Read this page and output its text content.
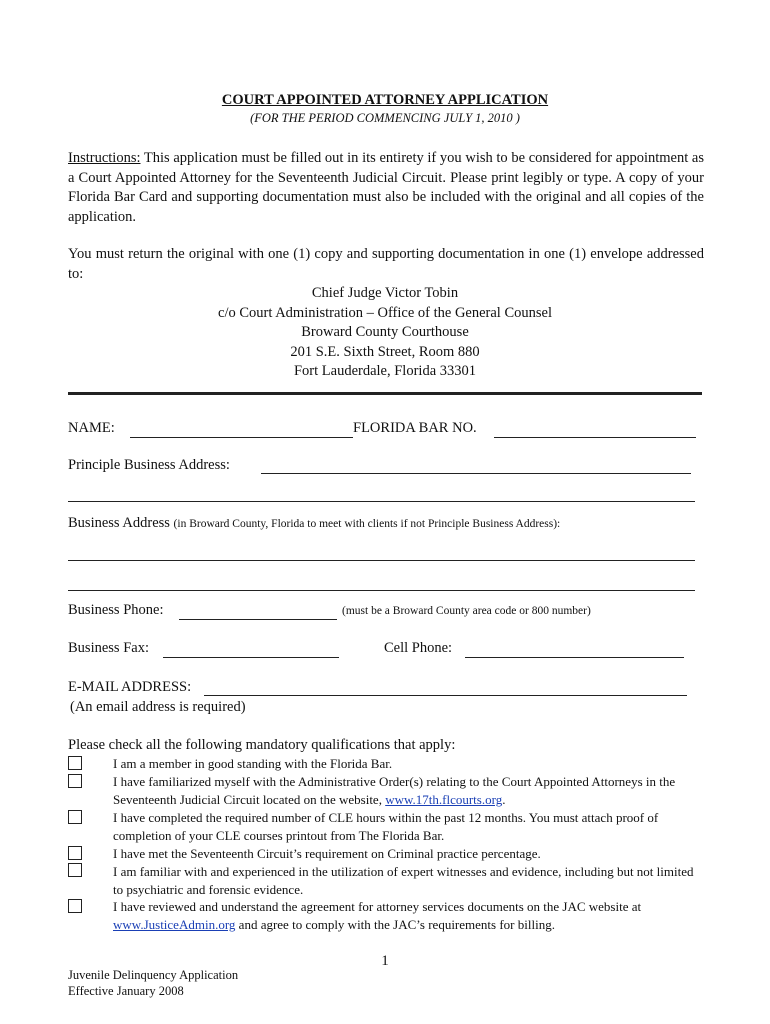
COURT APPOINTED ATTORNEY APPLICATION
(FOR THE PERIOD COMMENCING JULY 1, 2010 )
Instructions: This application must be filled out in its entirety if you wish to be considered for appointment as a Court Appointed Attorney for the Seventeenth Judicial Circuit. Please print legibly or type. A copy of your Florida Bar Card and supporting documentation must also be included with the original and all copies of the application.
You must return the original with one (1) copy and supporting documentation in one (1) envelope addressed to:
Chief Judge Victor Tobin
c/o Court Administration – Office of the General Counsel
Broward County Courthouse
201 S.E. Sixth Street, Room 880
Fort Lauderdale, Florida 33301
NAME:	FLORIDA BAR NO.
Principle Business Address:
Business Address (in Broward County, Florida to meet with clients if not Principle Business Address):
Business Phone:	(must be a Broward County area code or 800 number)
Business Fax:	Cell Phone:
E-MAIL ADDRESS:
(An email address is required)
Please check all the following mandatory qualifications that apply:
I am a member in good standing with the Florida Bar.
I have familiarized myself with the Administrative Order(s) relating to the Court Appointed Attorneys in the Seventeenth Judicial Circuit located on the website, www.17th.flcourts.org.
I have completed the required number of CLE hours within the past 12 months. You must attach proof of completion of your CLE courses printout from The Florida Bar.
I have met the Seventeenth Circuit’s requirement on Criminal practice percentage.
I am familiar with and experienced in the utilization of expert witnesses and evidence, including but not limited to psychiatric and forensic evidence.
I have reviewed and understand the agreement for attorney services documents on the JAC website at www.JusticeAdmin.org and agree to comply with the JAC’s requirements for billing.
1
Juvenile Delinquency Application
Effective January 2008
